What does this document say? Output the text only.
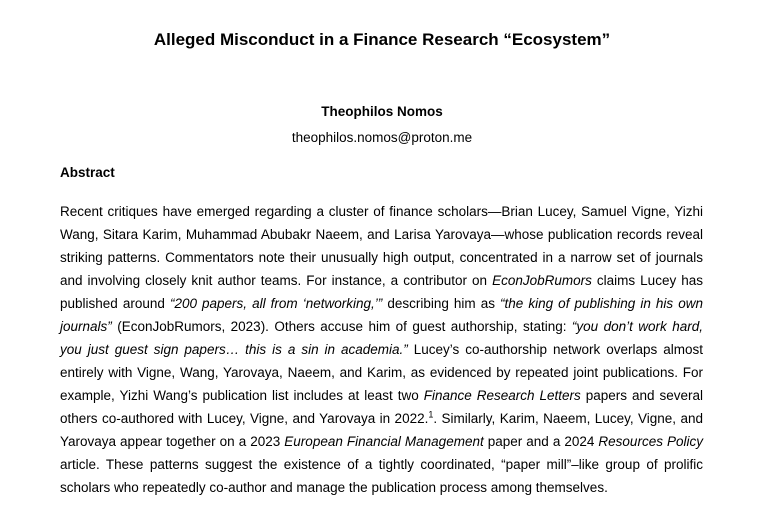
Alleged Misconduct in a Finance Research “Ecosystem”
Theophilos Nomos
theophilos.nomos@proton.me
Abstract
Recent critiques have emerged regarding a cluster of finance scholars—Brian Lucey, Samuel Vigne, Yizhi Wang, Sitara Karim, Muhammad Abubakr Naeem, and Larisa Yarovaya—whose publication records reveal striking patterns. Commentators note their unusually high output, concentrated in a narrow set of journals and involving closely knit author teams. For instance, a contributor on EconJobRumors claims Lucey has published around “200 papers, all from ‘networking,’” describing him as “the king of publishing in his own journals” (EconJobRumors, 2023). Others accuse him of guest authorship, stating: “you don’t work hard, you just guest sign papers… this is a sin in academia.” Lucey’s co-authorship network overlaps almost entirely with Vigne, Wang, Yarovaya, Naeem, and Karim, as evidenced by repeated joint publications. For example, Yizhi Wang’s publication list includes at least two Finance Research Letters papers and several others co-authored with Lucey, Vigne, and Yarovaya in 2022.$^1$. Similarly, Karim, Naeem, Lucey, Vigne, and Yarovaya appear together on a 2023 European Financial Management paper and a 2024 Resources Policy article. These patterns suggest the existence of a tightly coordinated, “paper mill”–like group of prolific scholars who repeatedly co-author and manage the publication process among themselves.
